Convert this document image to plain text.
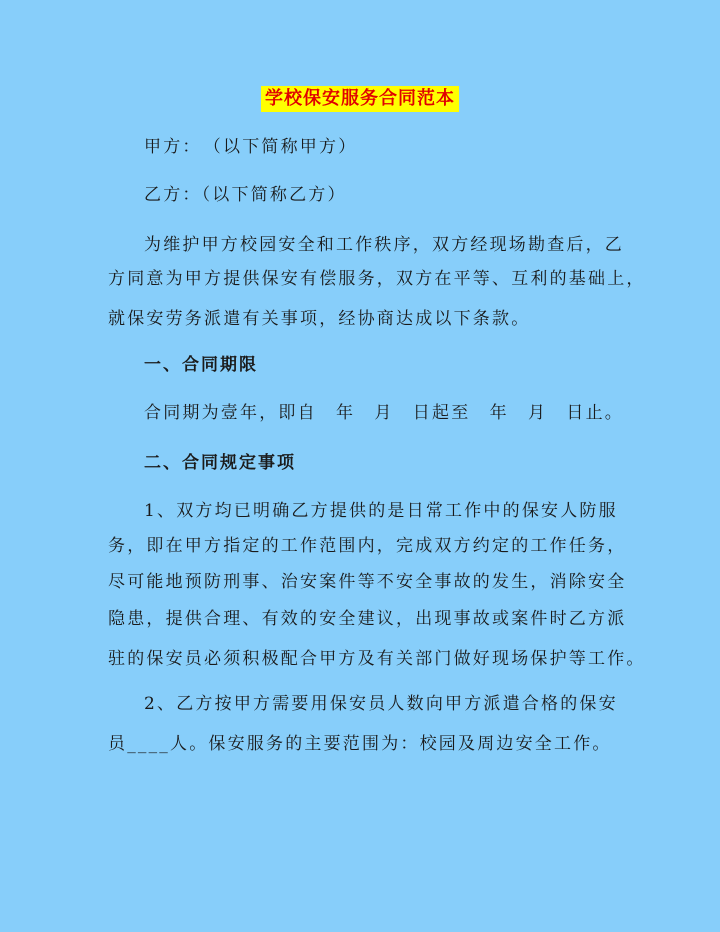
学校保安服务合同范本
甲方：　（以下简称甲方）
乙方：（以下简称乙方）
为维护甲方校园安全和工作秩序，双方经现场勘查后，乙
方同意为甲方提供保安有偿服务，双方在平等、互利的基础上，
就保安劳务派遣有关事项，经协商达成以下条款。
一、合同期限
合同期为壹年，即自　年　月　日起至　年　月　日止。
二、合同规定事项
1、双方均已明确乙方提供的是日常工作中的保安人防服
务，即在甲方指定的工作范围内，完成双方约定的工作任务，
尽可能地预防刑事、治安案件等不安全事故的发生，消除安全
隐患，提供合理、有效的安全建议，出现事故或案件时乙方派
驻的保安员必须积极配合甲方及有关部门做好现场保护等工作。
2、乙方按甲方需要用保安员人数向甲方派遣合格的保安
员____人。保安服务的主要范围为：校园及周边安全工作。
